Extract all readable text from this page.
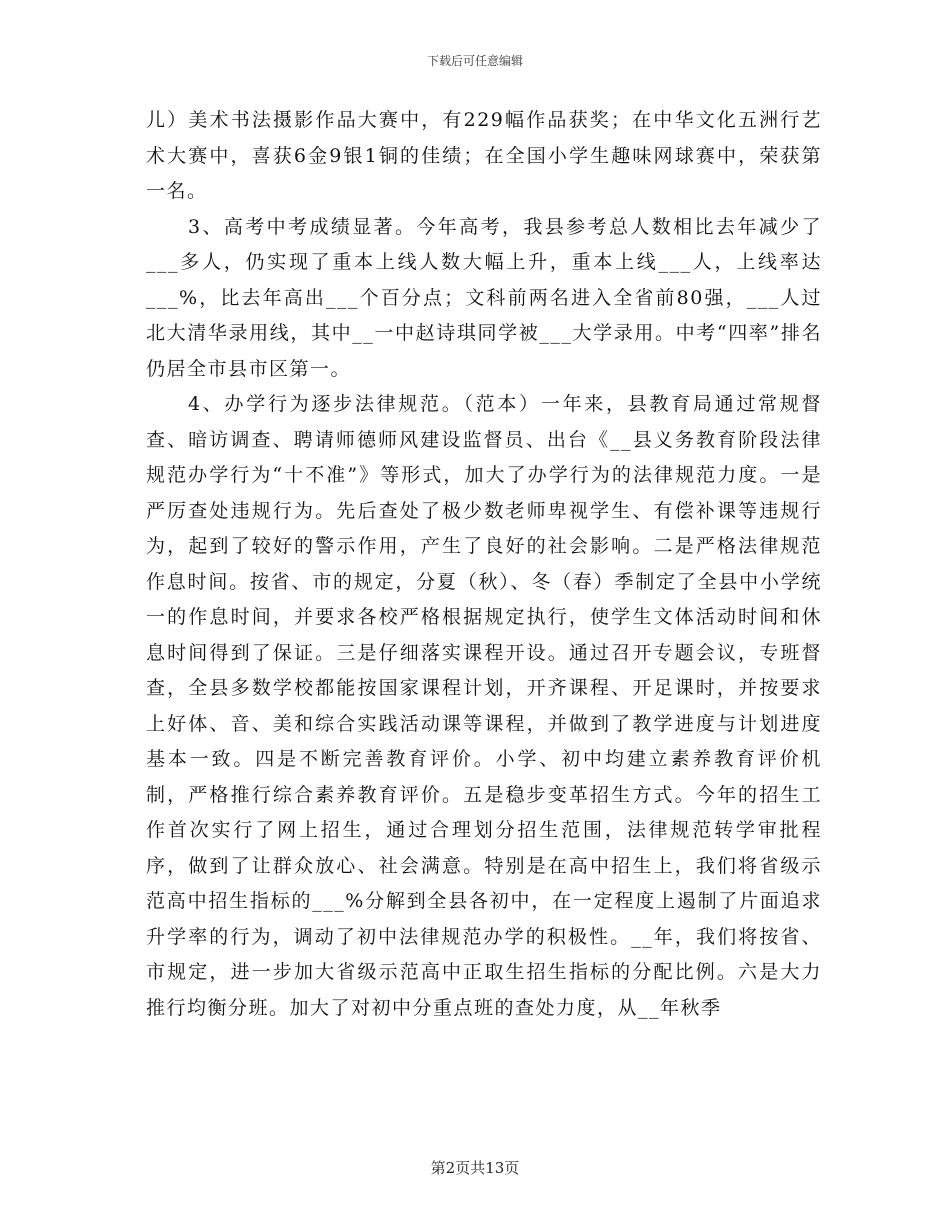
下载后可任意编辑

儿）美术书法摄影作品大赛中，有229幅作品获奖；在中华文化五洲行艺术大赛中，喜获6金9银1铜的佳绩；在全国小学生趣味网球赛中，荣获第一名。

3、高考中考成绩显著。今年高考，我县参考总人数相比去年减少了___多人，仍实现了重本上线人数大幅上升，重本上线___人，上线率达___%，比去年高出___个百分点；文科前两名进入全省前80强，___人过北大清华录用线，其中__一中赵诗琪同学被___大学录用。中考“四率”排名仍居全市县市区第一。

4、办学行为逐步法律规范。（范本）一年来，县教育局通过常规督查、暗访调查、聘请师德师风建设监督员、出台《__县义务教育阶段法律规范办学行为“十不准”》等形式，加大了办学行为的法律规范力度。一是严厉查处违规行为。先后查处了极少数老师卑视学生、有偿补课等违规行为，起到了较好的警示作用，产生了良好的社会影响。二是严格法律规范作息时间。按省、市的规定，分夏（秋）、冬（春）季制定了全县中小学统一的作息时间，并要求各校严格根据规定执行，使学生文体活动时间和休息时间得到了保证。三是仔细落实课程开设。通过召开专题会议，专班督查，全县多数学校都能按国家课程计划，开齐课程、开足课时，并按要求上好体、音、美和综合实践活动课等课程，并做到了教学进度与计划进度基本一致。四是不断完善教育评价。小学、初中均建立素养教育评价机制，严格推行综合素养教育评价。五是稳步变革招生方式。今年的招生工作首次实行了网上招生，通过合理划分招生范围，法律规范转学审批程序，做到了让群众放心、社会满意。特别是在高中招生上，我们将省级示范高中招生指标的___%分解到全县各初中，在一定程度上遏制了片面追求升学率的行为，调动了初中法律规范办学的积极性。__年，我们将按省、市规定，进一步加大省级示范高中正取生招生指标的分配比例。六是大力推行均衡分班。加大了对初中分重点班的查处力度，从__年秋季

第2页共13页
